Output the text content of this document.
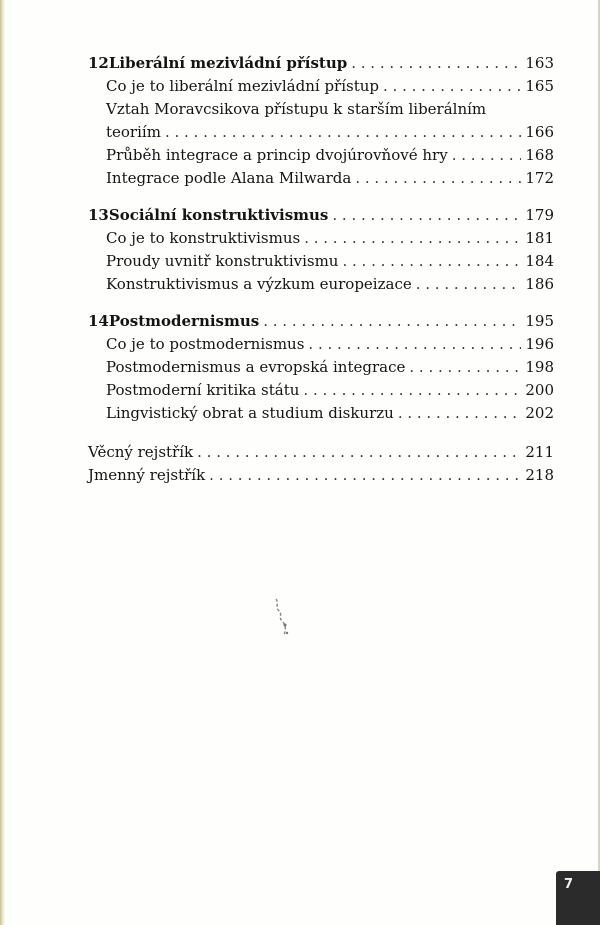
12 Liberální mezivládní přístup . . .	163
Co je to liberální mezivládní přístup . . .	165
Vztah Moravcsikova přístupu k starším liberálním
teoriím . . .	166
Průběh integrace a princip dvojúrovňové hry . . .	168
Integrace podle Alana Milwarda . . .	172
13 Sociální konstruktivismus . . .	179
Co je to konstruktivismus . . .	181
Proudy uvnitř konstruktivismu . . .	184
Konstruktivismus a výzkum europeizace . . .	186
14 Postmodernismus . . .	195
Co je to postmodernismus . . .	196
Postmodernismus a evropská integrace . . .	198
Postmoderní kritika státu . . .	200
Lingvistický obrat a studium diskurzu . . .	202
Věcný rejstřík . . .	211
Jmenný rejstřík . . .	218
7
